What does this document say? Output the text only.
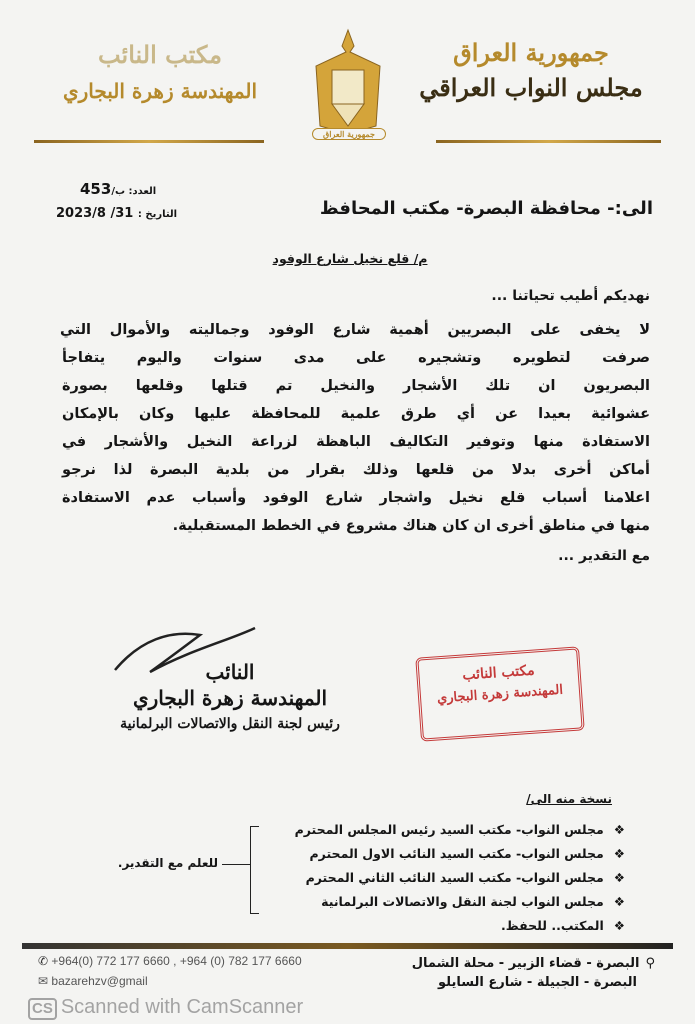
جمهورية العراق
مجلس النواب العراقي
جمهورية العراق
مكتب النائب
المهندسة زهرة البجاري
العدد: ب/453
التاريخ : 31/ 2023/8	الى:- محافظة البصرة- مكتب المحافظ
م/ قلع نخيل شارع الوفود
نهديكم أطيب تحياتنا ...
لا يخفى على البصريين أهمية شارع الوفود وجماليته والأموال التي
صرفت لتطويره وتشجيره على مدى سنوات واليوم يتفاجأ
البصريون ان تلك الأشجار والنخيل تم قتلها وقلعها بصورة
عشوائية بعيدا عن أي طرق علمية للمحافظة عليها وكان بالإمكان
الاستفادة منها وتوفير التكاليف الباهظة لزراعة النخيل والأشجار في
أماكن أخرى بدلا من قلعها وذلك بقرار من بلدية البصرة لذا نرجو
اعلامنا أسباب قلع نخيل واشجار شارع الوفود وأسباب عدم الاستفادة
منها في مناطق أخرى ان كان هناك مشروع في الخطط المستقبلية.
مع التقدير ...
النائب
المهندسة زهرة البجاري
رئيس لجنة النقل والاتصالات البرلمانية
مكتب النائب
المهندسة زهرة البجاري
نسخة منه الى/
❖مجلس النواب- مكتب السيد رئيس المجلس المحترم
❖مجلس النواب- مكتب السيد النائب الاول المحترم
❖مجلس النواب- مكتب السيد النائب الثاني المحترم
❖مجلس النواب لجنة النقل والاتصالات البرلمانية
❖المكتب.. للحفظ.
للعلم مع التقدير.
⚲البصرة - قضاء الزبير - محلة الشمال
البصرة - الجبيلة - شارع السايلو
✆ +964(0) 772 177 6660 , +964 (0) 782 177 6660
✉ bazarehzv@gmail
CS Scanned with CamScanner
